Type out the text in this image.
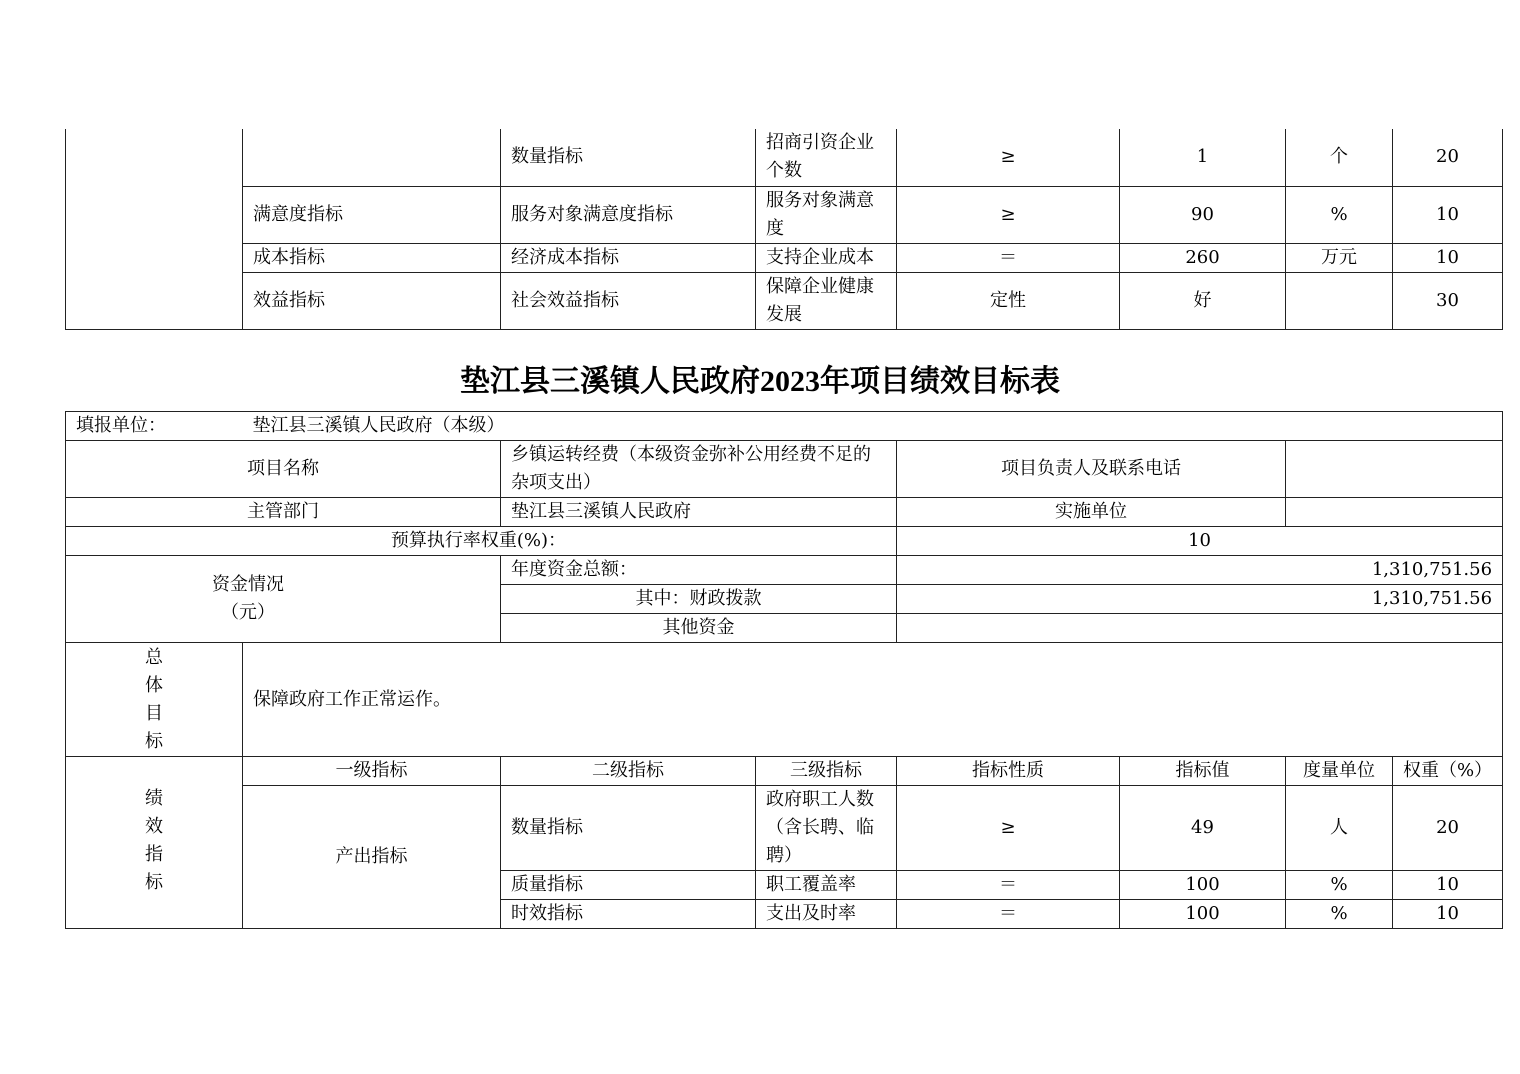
		数量指标	招商引资企业个数	≥	1	个	20
	满意度指标	服务对象满意度指标	服务对象满意度	≥	90	%	10
	成本指标	经济成本指标	支持企业成本	＝	260	万元	10
	效益指标	社会效益指标	保障企业健康发展	定性	好		30
垫江县三溪镇人民政府2023年项目绩效目标表
填报单位：	垫江县三溪镇人民政府（本级）						
项目名称		乡镇运转经费（本级资金弥补公用经费不足的杂项支出）		项目负责人及联系电话			
主管部门		垫江县三溪镇人民政府		实施单位			
预算执行率权重(%)：				10			

资金情况
（元）		年度资金总额：		1,310,751.56			
		其中：财政拨款		1,310,751.56			
		其他资金					

总
体
目
标	保障政府工作正常运作。						

绩
效
指
标	一级指标	二级指标	三级指标	指标性质	指标值	度量单位	权重（%）
	产出指标	数量指标	政府职工人数（含长聘、临聘）	≥	49	人	20
		质量指标	职工覆盖率	＝	100	%	10
		时效指标	支出及时率	＝	100	%	10
